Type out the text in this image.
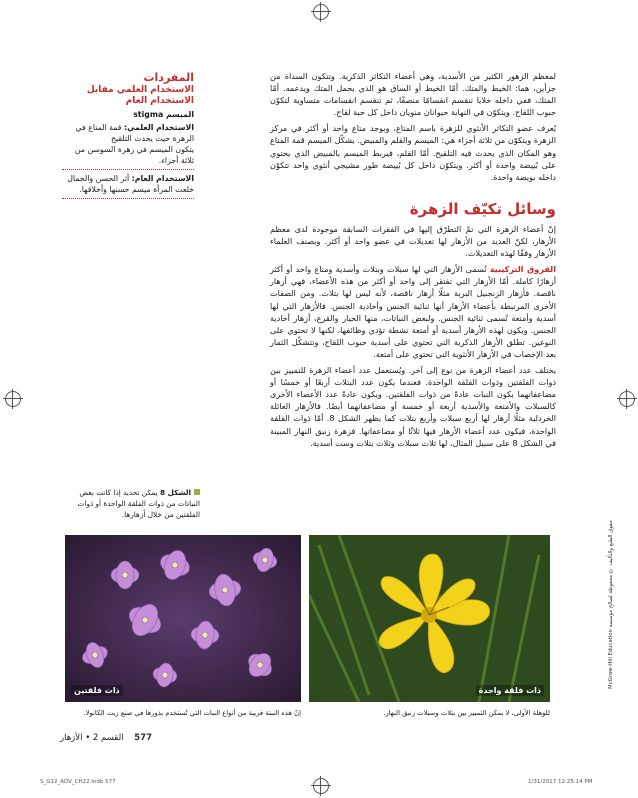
لمعظم الزهور الكثير من الأسدية، وهي أعضاء التكاثر الذكرية. وتتكون السداة من جزأين، هما: الخيط والمتك. أمّا الخيط أو الساق هو الذي يحمل المتك ويدعمه. أمّا المتك، ففي داخله خلايا تنقسم انقسامًا منصفًا، ثم تنقسم انقسامات متساوية لتكوّن حبوب اللقاح. ويتكوّن في النهاية حيوانان منويان داخل كل حبة لقاح.

يُعرف عضو التكاثر الأنثوي للزهرة باسم المتاع، ويوجد متاع واحد أو أكثر في مركز الزهرة ويتكوّن من ثلاثة أجزاء هي: الميسم والقلم والمبيض. يشكّل الميسم قمة المتاع وهو المكان الذي يحدث فيه التلقيح. أمّا القلم، فيربط الميسم بالمبيض الذي يحتوي على بُييضة واحدة أو أكثر. ويتكوّن داخل كل بُييضة طور مشيجي أنثوي واحد تتكوّن داخله بويضة واحدة.

وسائل تكيّف الزهرة

إنّ أعضاء الزهرة التي تمّ التطرّق إليها في الفقرات السابقة موجودة لدى معظم الأزهار، لكنّ العديد من الأزهار لها تعديلات في عضو واحد أو أكثر. ويصنف العلماء الأزهار وفقًا لهذه التعديلات.

الفروق التركيبية تُسمى الأزهار التي لها سبلات وبتلات وأسدية ومتاع واحد أو أكثر أزهارًا كاملة. أمّا الأزهار التي تفتقر إلى واحد أو أكثر من هذه الأعضاء، فهي أزهار ناقصة. فأزهار الزنجبيل البرية مثلًا أزهار ناقصة، لأنه ليس لها بتلات. ومن الصفات الأخرى المرتبطة بأعضاء الأزهار أنها ثنائية الجنس وأحادية الجنس. فالأزهار التي لها أسدية وأمتعة تُسمى ثنائية الجنس. ولبعض النباتات، منها الخيار والقرع، أزهار أحادية الجنس. ويكون لهذه الأزهار أسدية أو أمتعة نشطة تؤدي وظائفها، لكنها لا تحتوي على النوعين. تطلق الأزهار الذكرية التي تحتوي على أسدية حبوب اللقاح، وتتشكّل الثمار بعد الإخصاب في الأزهار الأنثوية التي تحتوي على أمتعة.

يختلف عدد أعضاء الزهرة من نوع إلى آخر. ويُستعمل عدد أعضاء الزهرة للتمييز بين ذوات الفلقتين وذوات الفلقة الواحدة. فعندما يكون عدد البتلات أربعًا أو خمسًا أو مضاعفاتهما يكون النبات عادةً من ذوات الفلقتين. ويكون عادةً عدد الأعضاء الأخرى كالسبلات والأمتعة والأسدية أربعة أو خمسة أو مضاعفاتهما أيضًا. فالأزهار العائلة الخردلية مثلًا أزهار لها أربع سبلات وأربع بتلات كما يظهر الشكل 8. أمّا ذوات الفلقة الواحدة، فيكون عدد أعضاء الأزهار فيها ثلاثًا أو مضاعفاتها. فزهرة زنبق النهار المبينة في الشكل 8 على سبيل المثال، لها ثلاث سبلات وثلاث بتلات وست أسدية.

المفردات
الاستخدام العلمي مقابل
الاستخدام العام
الميسم stigma
الاستخدام العلمي: قمة المتاع في الزهرة حيث يحدث التلقيح
يتكون الميسم في زهرة السوسن من ثلاثة أجزاء.
الاستخدام العام: أثر الحسن والجمال
خلعت المرأة ميسم حسنها وأخلاقها.
الشكل 8 يمكن تحديد إذا كانت بعض النباتات من ذوات الفلقة الواحدة أو ذوات الفلقتين من خلال أزهارها.
ذات فلقتين	ذات فلقة واحدة
إنّ هذه النبتة قريبة من أنواع النبات التي تُستخدم بذورها في صنع زيت الكانولا.	للوهلة الأولى، لا يمكن التمييز بين بتلات وسبلات زنبق النهار.
577 القسم 2 • الأزهار
McGraw-Hill Education حقوق الطبع والتأليف © محفوظة لصالح مؤسسة
S_G12_ADV_CH22.indb 577	1/31/2017 12:25:14 PM
